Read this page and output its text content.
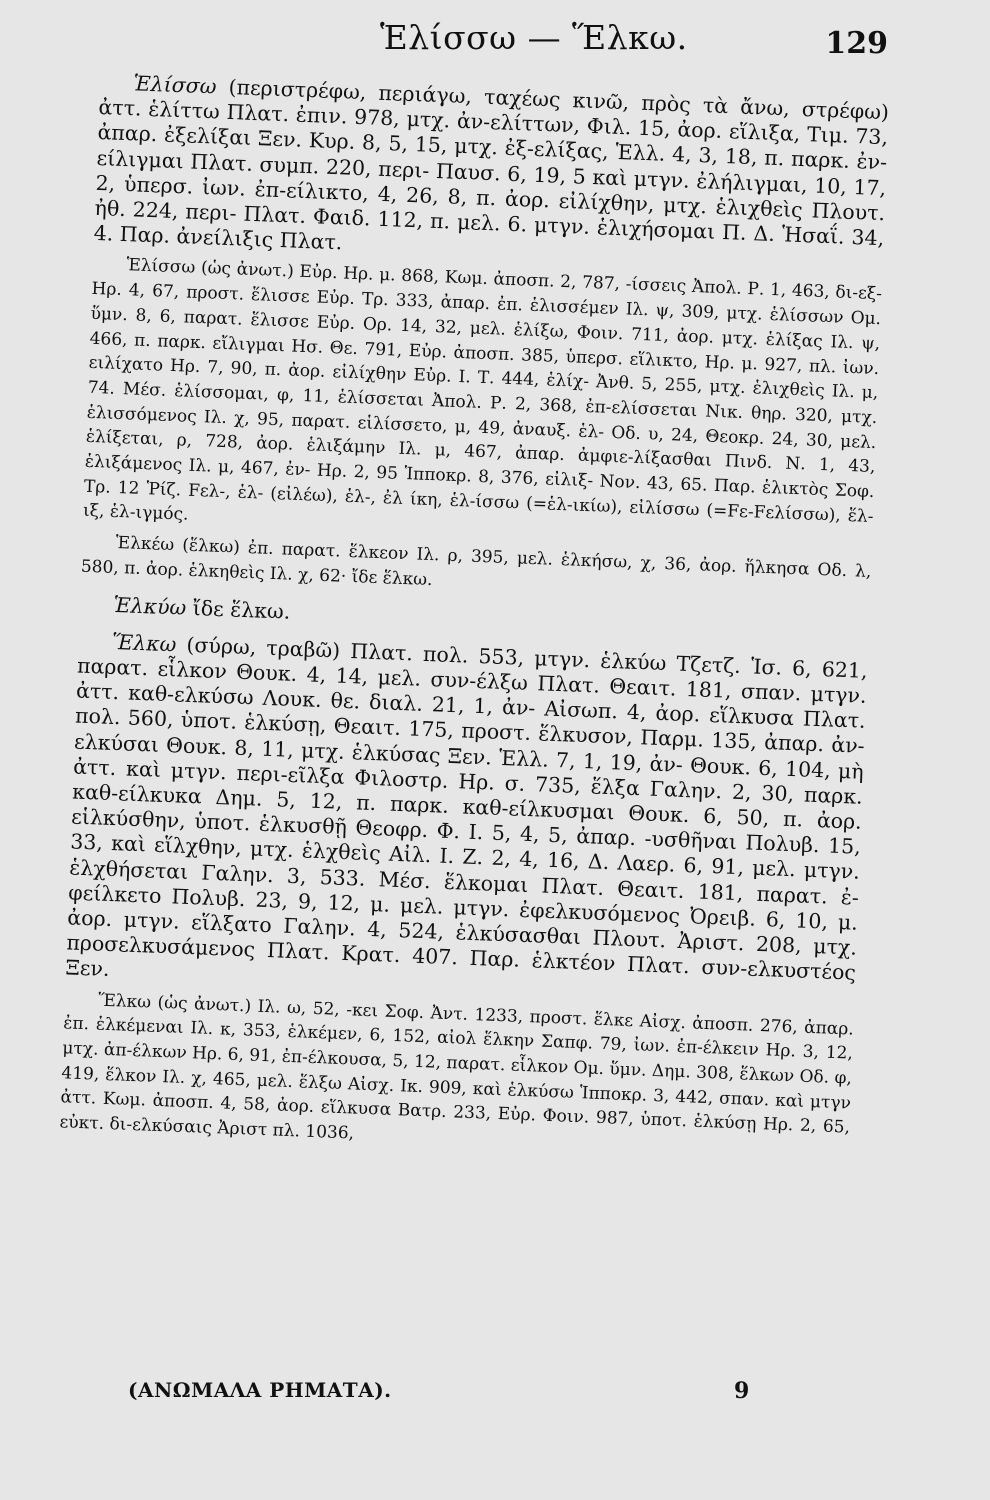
Ἑλίσσω — Ἕλκω.	129

Ἑλίσσω (περιστρέφω, περιάγω, ταχέως κινῶ, πρὸς τὰ ἄνω, στρέφω) ἀττ. ἑλίττω Πλατ. ἐπιν. 978, μτχ. ἀν-ελίττων, Φιλ. 15, ἀορ. εἵλιξα, Τιμ. 73, ἀπαρ. ἐξελίξαι Ξεν. Κυρ. 8, 5, 15, μτχ. ἐξ-ελίξας, Ἑλλ. 4, 3, 18, π. παρκ. ἐν-είλιγμαι Πλατ. συμπ. 220, περι- Παυσ. 6, 19, 5 καὶ μτγν. ἐλήλιγμαι, 10, 17, 2, ὑπερσ. ἰων. ἐπ-είλικτο, 4, 26, 8, π. ἀορ. εἰλίχθην, μτχ. ἑλιχθεὶς Πλουτ. ἠθ. 224, περι- Πλατ. Φαιδ. 112, π. μελ. 6. μτγν. ἑλιχήσομαι Π. Δ. Ἡσαΐ. 34, 4. Παρ. ἀνείλιξις Πλατ.

Ἑλίσσω (ὡς ἀνωτ.) Εὐρ. Ηρ. μ. 868, Κωμ. ἀποσπ. 2, 787, -ίσσεις Ἀπολ. Ρ. 1, 463, δι-εξ- Ηρ. 4, 67, προστ. ἕλισσε Εὐρ. Τρ. 333, ἀπαρ. ἐπ. ἑλισσέμεν Ιλ. ψ, 309, μτχ. ἑλίσσων Ομ. ὕμν. 8, 6, παρατ. ἕλισσε Εὐρ. Ορ. 14, 32, μελ. ἑλίξω, Φοιν. 711, ἀορ. μτχ. ἑλίξας Ιλ. ψ, 466, π. παρκ. εἴλιγμαι Ησ. Θε. 791, Εὐρ. ἀποσπ. 385, ὑπερσ. εἵλικτο, Ηρ. μ. 927, πλ. ἰων. ειλίχατο Ηρ. 7, 90, π. ἀορ. εἰλίχθην Εὐρ. Ι. Τ. 444, ἑλίχ- Ἀνθ. 5, 255, μτχ. ἑλιχθεὶς Ιλ. μ, 74. Μέσ. ἑλίσσομαι, φ, 11, ἑλίσσεται Ἀπολ. Ρ. 2, 368, ἐπ-ελίσσεται Νικ. θηρ. 320, μτχ. ἑλισσόμενος Ιλ. χ, 95, παρατ. εἱλίσσετο, μ, 49, ἀναυξ. ἑλ- Οδ. υ, 24, Θεοκρ. 24, 30, μελ. ἑλίξεται, ρ, 728, ἀορ. ἑλιξάμην Ιλ. μ, 467, ἀπαρ. ἀμφιε-λίξασθαι Πινδ. Ν. 1, 43, ἑλιξάμενος Ιλ. μ, 467, ἐν- Ηρ. 2, 95 Ἱπποκρ. 8, 376, εἰλιξ- Νον. 43, 65. Παρ. ἑλικτὸς Σοφ. Τρ. 12 Ῥίζ. Fελ-, ἑλ- (εἰλέω), ἑλ-, ἐλ ίκη, ἑλ-ίσσω (=ἑλ-ικίω), εἰλίσσω (=Fε-Fελίσσω), ἕλ-ιξ, ἑλ-ιγμός.

Ἑλκέω (ἕλκω) ἐπ. παρατ. ἕλκεον Ιλ. ρ, 395, μελ. ἑλκήσω, χ, 36, ἀορ. ἥλκησα Οδ. λ, 580, π. ἀορ. ἑλκηθεὶς Ιλ. χ, 62· ἴδε ἕλκω.

Ἑλκύω ἴδε ἕλκω.

Ἕλκω (σύρω, τραβῶ) Πλατ. πολ. 553, μτγν. ἑλκύω Τζετζ. Ἱσ. 6, 621, παρατ. εἷλκον Θουκ. 4, 14, μελ. συν-έλξω Πλατ. Θεαιτ. 181, σπαν. μτγν. ἀττ. καθ-ελκύσω Λουκ. θε. διαλ. 21, 1, ἀν- Αἰσωπ. 4, ἀορ. εἵλκυσα Πλατ. πολ. 560, ὑποτ. ἑλκύσῃ, Θεαιτ. 175, προστ. ἕλκυσον, Παρμ. 135, ἀπαρ. ἀν-ελκύσαι Θουκ. 8, 11, μτχ. ἑλκύσας Ξεν. Ἑλλ. 7, 1, 19, ἀν- Θουκ. 6, 104, μὴ ἀττ. καὶ μτγν. περι-εῖλξα Φιλοστρ. Ηρ. σ. 735, ἕλξα Γαλην. 2, 30, παρκ. καθ-είλκυκα Δημ. 5, 12, π. παρκ. καθ-είλκυσμαι Θουκ. 6, 50, π. ἀορ. εἱλκύσθην, ὑποτ. ἑλκυσθῇ Θεοφρ. Φ. Ι. 5, 4, 5, ἀπαρ. -υσθῆναι Πολυβ. 15, 33, καὶ εἵλχθην, μτχ. ἑλχθεὶς Αἰλ. Ι. Ζ. 2, 4, 16, Δ. Λαερ. 6, 91, μελ. μτγν. ἑλχθήσεται Γαλην. 3, 533. Μέσ. ἕλκομαι Πλατ. Θεαιτ. 181, παρατ. ἐ-φείλκετο Πολυβ. 23, 9, 12, μ. μελ. μτγν. ἐφελκυσόμενος Ὀρειβ. 6, 10, μ. ἀορ. μτγν. εἵλξατο Γαλην. 4, 524, ἑλκύσασθαι Πλουτ. Ἀριστ. 208, μτχ. προσελκυσάμενος Πλατ. Κρατ. 407. Παρ. ἑλκτέον Πλατ. συν-ελκυστέος Ξεν.

Ἕλκω (ὡς ἀνωτ.) Ιλ. ω, 52, -κει Σοφ. Ἀντ. 1233, προστ. ἕλκε Αἰσχ. ἀποσπ. 276, ἀπαρ. ἐπ. ἑλκέμεναι Ιλ. κ, 353, ἑλκέμεν, 6, 152, αἰολ ἕλκην Σαπφ. 79, ἰων. ἐπ-έλκειν Ηρ. 3, 12, μτχ. ἀπ-έλκων Ηρ. 6, 91, ἐπ-έλκουσα, 5, 12, παρατ. εἷλκον Ομ. ὕμν. Δημ. 308, ἕλκων Οδ. φ, 419, ἕλκον Ιλ. χ, 465, μελ. ἕλξω Αἰσχ. Ικ. 909, καὶ ἑλκύσω Ἱπποκρ. 3, 442, σπαν. καὶ μτγν ἀττ. Κωμ. ἀποσπ. 4, 58, ἀορ. εἵλκυσα Βατρ. 233, Εὐρ. Φοιν. 987, ὑποτ. ἑλκύσῃ Ηρ. 2, 65, εὐκτ. δι-ελκύσαις Ἀριστ πλ. 1036,

(ΑΝΩΜΑΛΑ ΡΗΜΑΤΑ).	9
